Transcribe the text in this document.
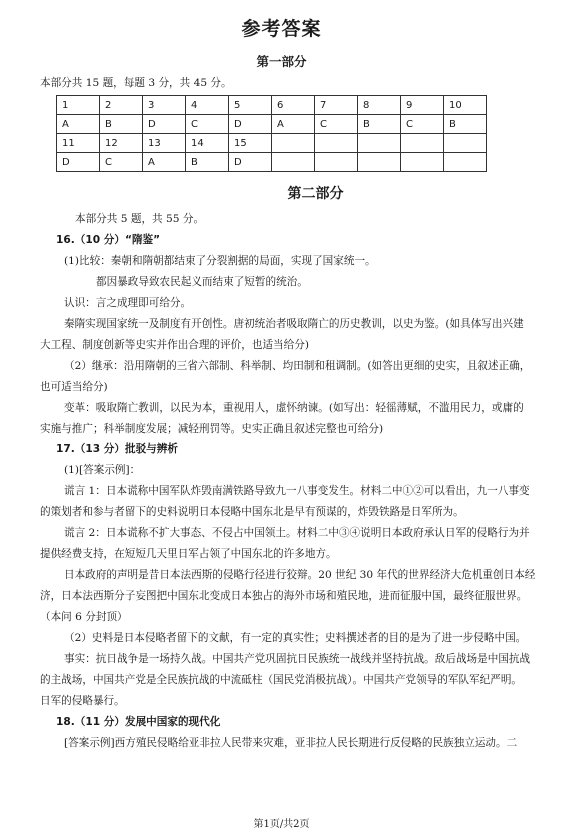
参考答案
第一部分
本部分共 15 题，每题 3 分，共 45 分。
1	2	3	4	5	6	7	8	9	10
A	B	D	C	D	A	C	B	C	B
11	12	13	14	15					
D	C	A	B	D					
第二部分
本部分共 5 题，共 55 分。
16.（10 分）“隋鉴”
(1)比较：秦朝和隋朝都结束了分裂割据的局面，实现了国家统一。
都因暴政导致农民起义而结束了短暂的统治。
认识：言之成理即可给分。
秦隋实现国家统一及制度有开创性。唐初统治者吸取隋亡的历史教训，以史为鉴。(如具体写出兴建
大工程、制度创新等史实并作出合理的评价，也适当给分)
（2）继承：沿用隋朝的三省六部制、科举制、均田制和租调制。(如答出更细的史实，且叙述正确，
也可适当给分)
变革：吸取隋亡教训，以民为本，重视用人，虚怀纳谏。(如写出：轻徭薄赋，不滥用民力，或庸的
实施与推广；科举制度发展；减轻刑罚等。史实正确且叙述完整也可给分)
17.（13 分）批驳与辨析
(1)[答案示例]：
谎言 1：日本谎称中国军队炸毁南满铁路导致九一八事变发生。材料二中①②可以看出，九一八事变
的策划者和参与者留下的史料说明日本侵略中国东北是早有预谋的，炸毁铁路是日军所为。
谎言 2：日本谎称不扩大事态、不侵占中国领土。材料二中③④说明日本政府承认日军的侵略行为并
提供经费支持，在短短几天里日军占领了中国东北的许多地方。
日本政府的声明是昔日本法西斯的侵略行径进行狡辩。20 世纪 30 年代的世界经济大危机重创日本经
济，日本法西斯分子妄图把中国东北变成日本独占的海外市场和殖民地，进而征服中国，最终征服世界。
（本问 6 分封顶）
（2）史料是日本侵略者留下的文献，有一定的真实性；史料撰述者的目的是为了进一步侵略中国。
事实：抗日战争是一场持久战。中国共产党巩固抗日民族统一战线并坚持抗战。敌后战场是中国抗战
的主战场，中国共产党是全民族抗战的中流砥柱（国民党消极抗战）。中国共产党领导的军队军纪严明。
日军的侵略暴行。
18.（11 分）发展中国家的现代化
[答案示例]西方殖民侵略给亚非拉人民带来灾难，亚非拉人民长期进行反侵略的民族独立运动。二
第1页/共2页
